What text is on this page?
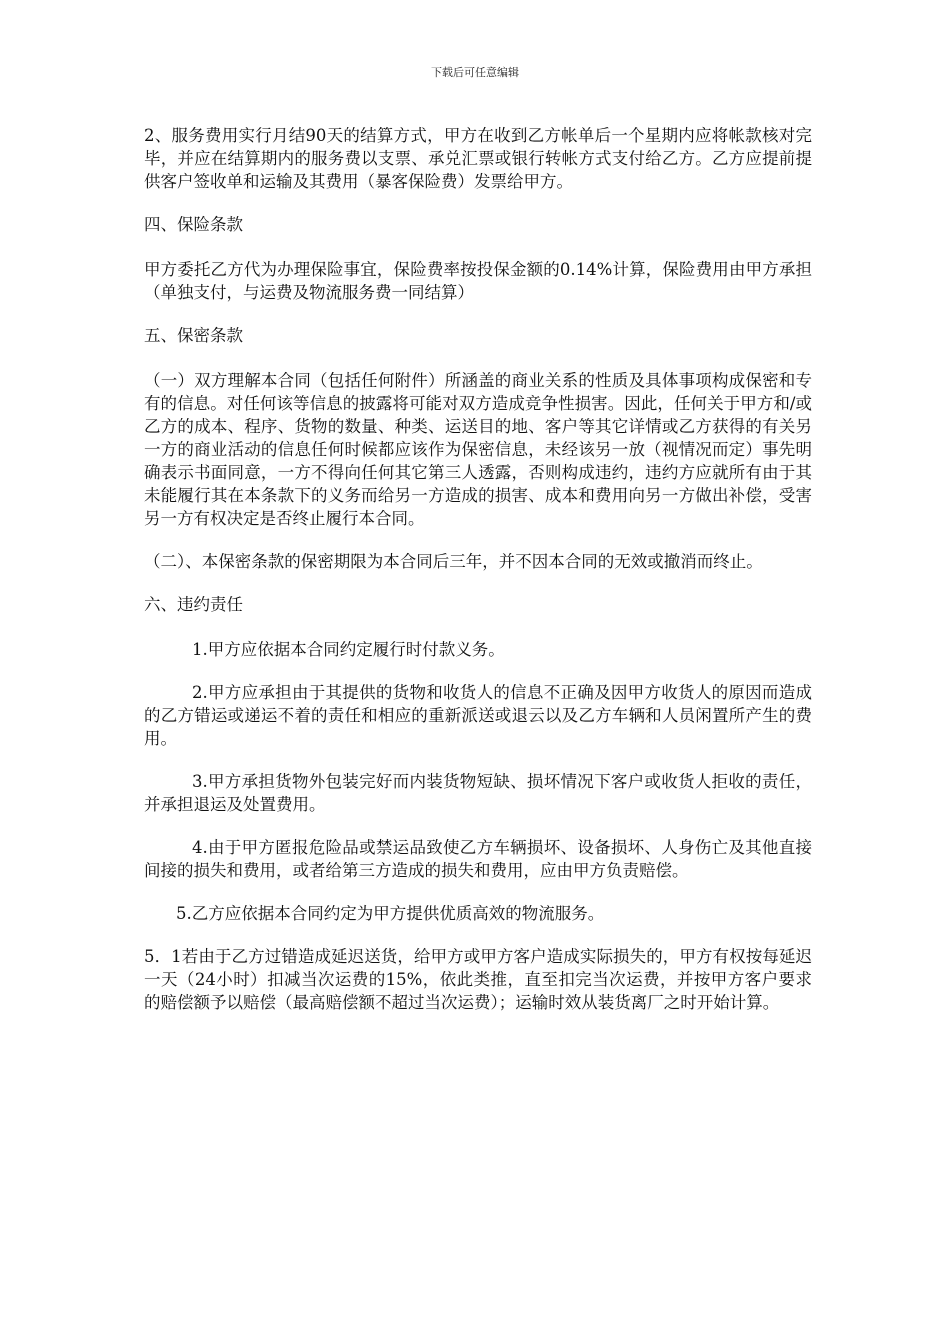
下载后可任意编辑

2、服务费用实行月结90天的结算方式，甲方在收到乙方帐单后一个星期内应将帐款核对完毕，并应在结算期内的服务费以支票、承兑汇票或银行转帐方式支付给乙方。乙方应提前提供客户签收单和运输及其费用（暴客保险费）发票给甲方。

四、保险条款

甲方委托乙方代为办理保险事宜，保险费率按投保金额的0.14%计算，保险费用由甲方承担（单独支付，与运费及物流服务费一同结算）

五、保密条款

（一）双方理解本合同（包括任何附件）所涵盖的商业关系的性质及具体事项构成保密和专有的信息。对任何该等信息的披露将可能对双方造成竞争性损害。因此，任何关于甲方和/或乙方的成本、程序、货物的数量、种类、运送目的地、客户等其它详情或乙方获得的有关另一方的商业活动的信息任何时候都应该作为保密信息，未经该另一放（视情况而定）事先明确表示书面同意，一方不得向任何其它第三人透露，否则构成违约，违约方应就所有由于其未能履行其在本条款下的义务而给另一方造成的损害、成本和费用向另一方做出补偿，受害另一方有权决定是否终止履行本合同。

（二）、本保密条款的保密期限为本合同后三年，并不因本合同的无效或撤消而终止。

六、违约责任

1.甲方应依据本合同约定履行时付款义务。

2.甲方应承担由于其提供的货物和收货人的信息不正确及因甲方收货人的原因而造成的乙方错运或递运不着的责任和相应的重新派送或退云以及乙方车辆和人员闲置所产生的费用。

3.甲方承担货物外包装完好而内装货物短缺、损坏情况下客户或收货人拒收的责任，并承担退运及处置费用。

4.由于甲方匿报危险品或禁运品致使乙方车辆损坏、设备损坏、人身伤亡及其他直接间接的损失和费用，或者给第三方造成的损失和费用，应由甲方负责赔偿。

5.乙方应依据本合同约定为甲方提供优质高效的物流服务。

5．1若由于乙方过错造成延迟送货，给甲方或甲方客户造成实际损失的，甲方有权按每延迟一天（24小时）扣减当次运费的15%，依此类推，直至扣完当次运费，并按甲方客户要求的赔偿额予以赔偿（最高赔偿额不超过当次运费）；运输时效从装货离厂之时开始计算。
